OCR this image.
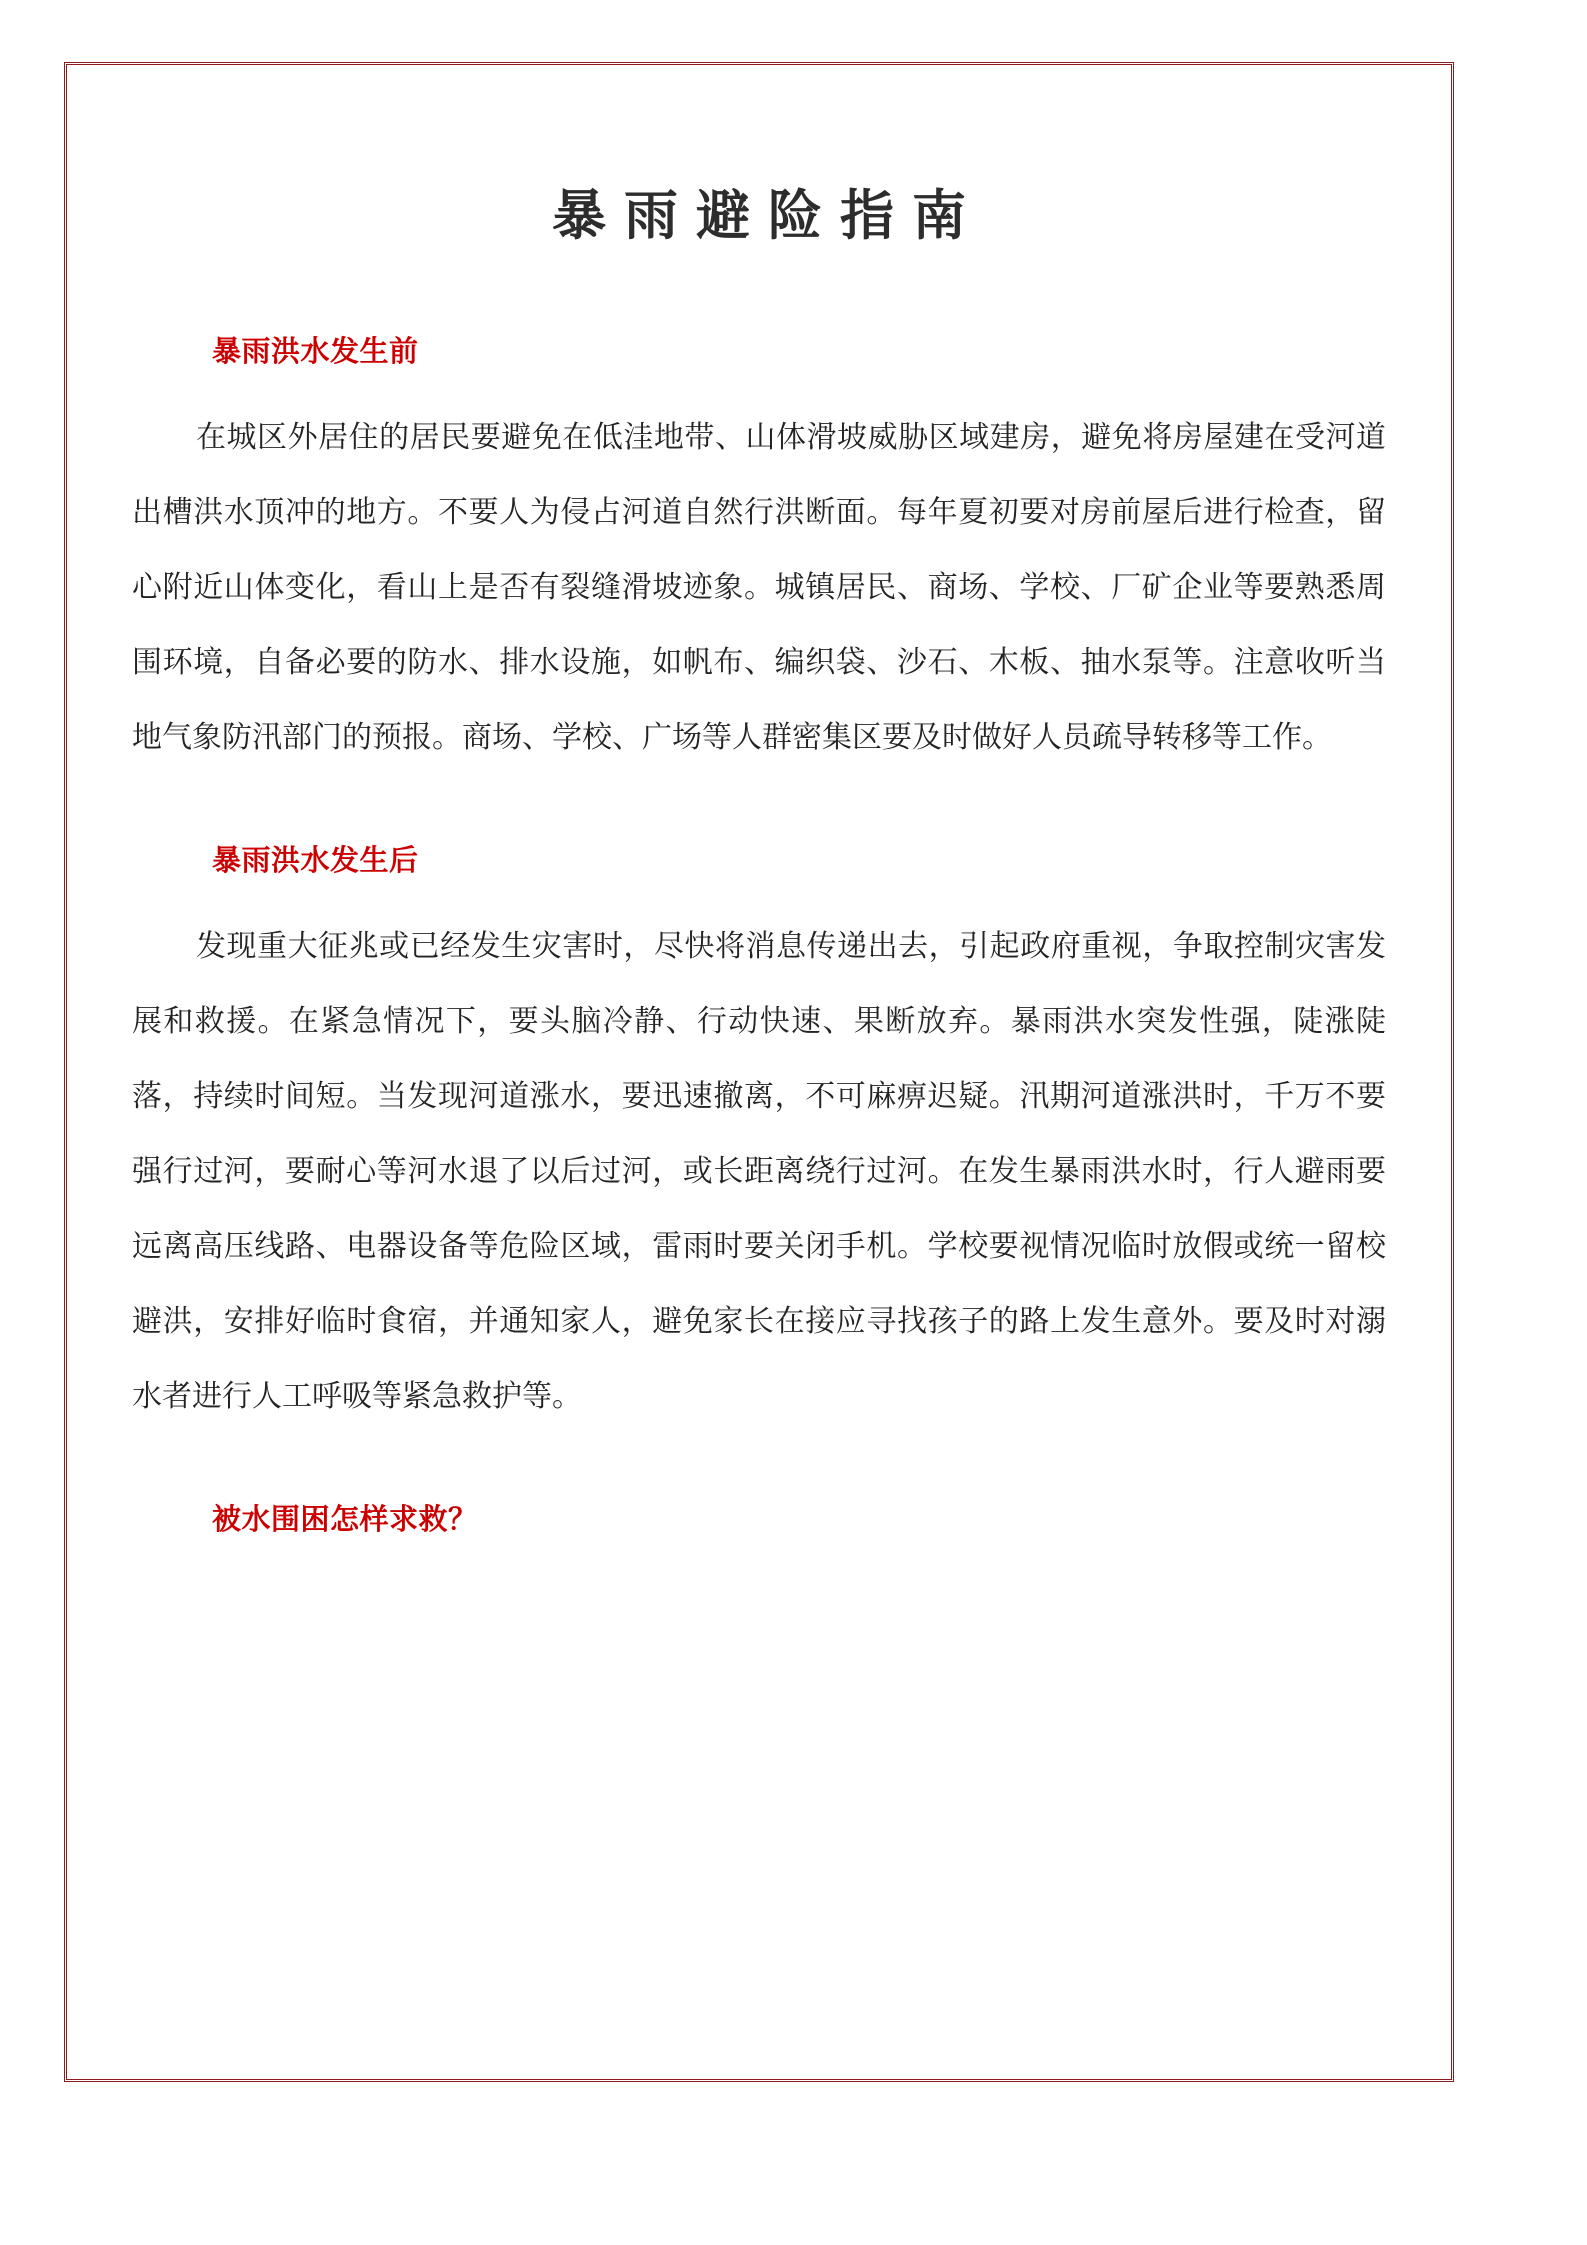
暴雨避险指南
暴雨洪水发生前

在城区外居住的居民要避免在低洼地带、山体滑坡威胁区域建房，避免将房屋建在受河道出槽洪水顶冲的地方。不要人为侵占河道自然行洪断面。每年夏初要对房前屋后进行检查，留心附近山体变化，看山上是否有裂缝滑坡迹象。城镇居民、商场、学校、厂矿企业等要熟悉周围环境，自备必要的防水、排水设施，如帆布、编织袋、沙石、木板、抽水泵等。注意收听当地气象防汛部门的预报。商场、学校、广场等人群密集区要及时做好人员疏导转移等工作。

暴雨洪水发生后

发现重大征兆或已经发生灾害时，尽快将消息传递出去，引起政府重视，争取控制灾害发展和救援。在紧急情况下，要头脑冷静、行动快速、果断放弃。暴雨洪水突发性强，陡涨陡落，持续时间短。当发现河道涨水，要迅速撤离，不可麻痹迟疑。汛期河道涨洪时，千万不要强行过河，要耐心等河水退了以后过河，或长距离绕行过河。在发生暴雨洪水时，行人避雨要远离高压线路、电器设备等危险区域，雷雨时要关闭手机。学校要视情况临时放假或统一留校避洪，安排好临时食宿，并通知家人，避免家长在接应寻找孩子的路上发生意外。要及时对溺水者进行人工呼吸等紧急救护等。

被水围困怎样求救？
